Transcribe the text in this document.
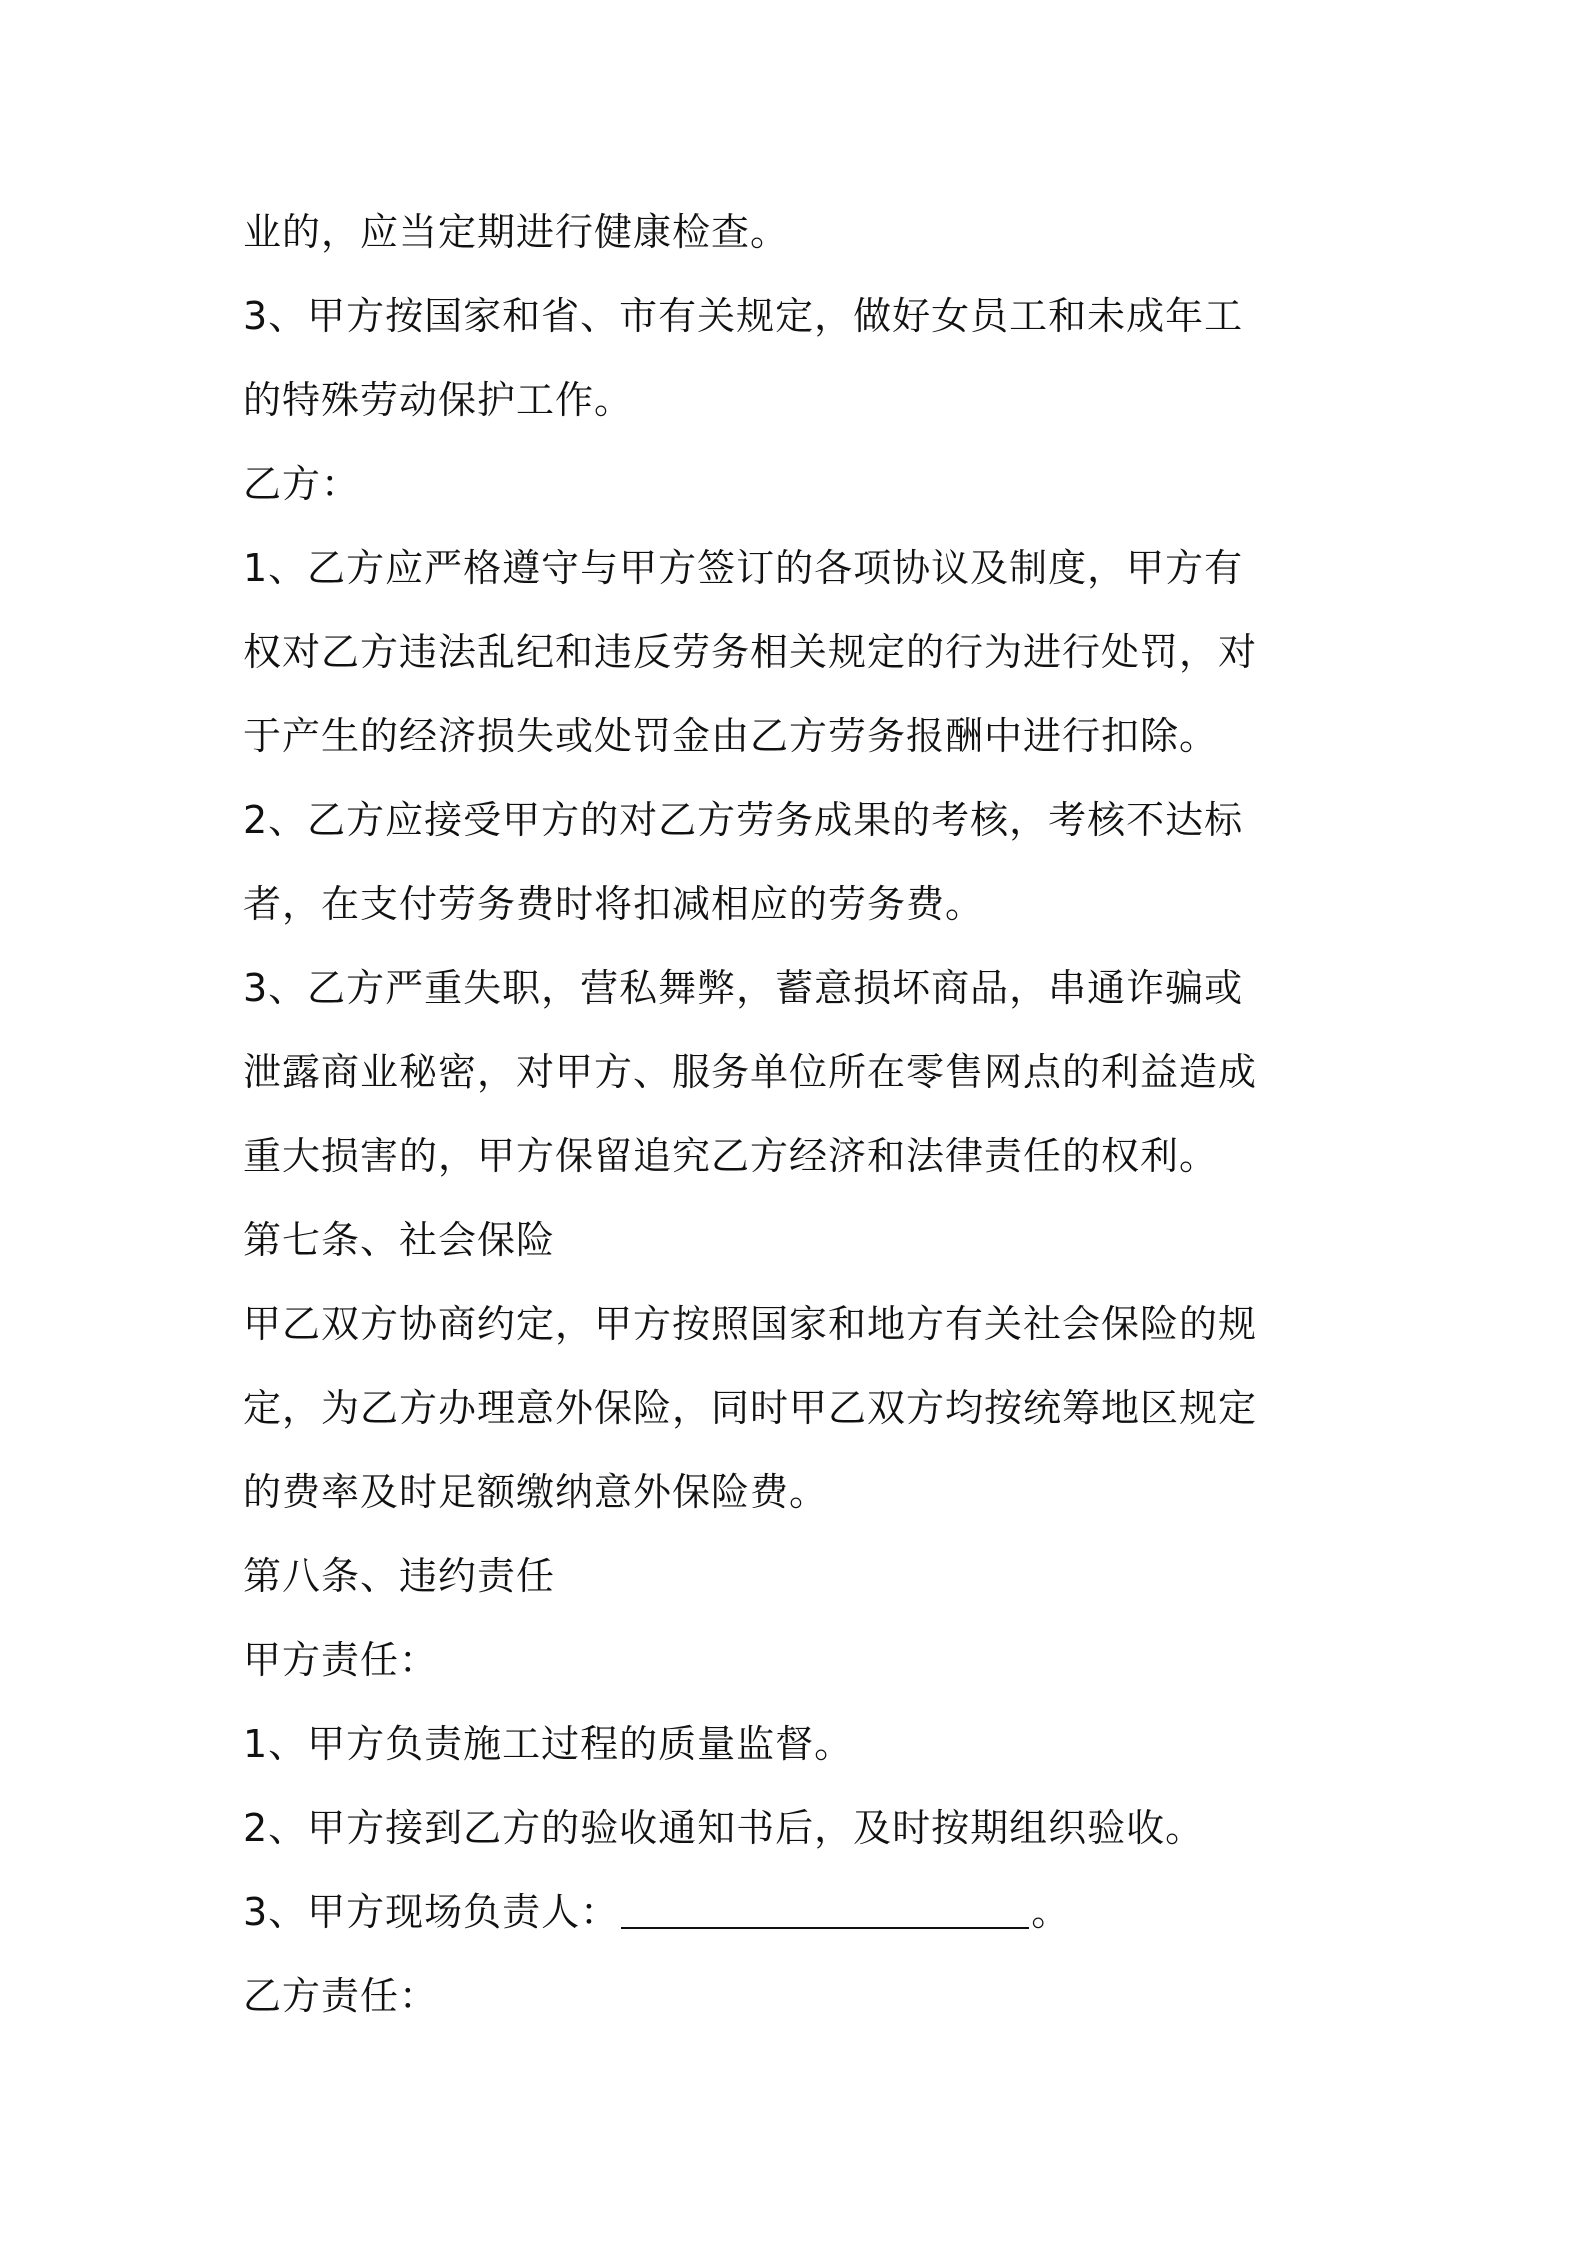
业的，应当定期进行健康检查。
3、甲方按国家和省、市有关规定，做好女员工和未成年工
的特殊劳动保护工作。
乙方：
1、乙方应严格遵守与甲方签订的各项协议及制度，甲方有
权对乙方违法乱纪和违反劳务相关规定的行为进行处罚，对
于产生的经济损失或处罚金由乙方劳务报酬中进行扣除。
2、乙方应接受甲方的对乙方劳务成果的考核，考核不达标
者，在支付劳务费时将扣减相应的劳务费。
3、乙方严重失职，营私舞弊，蓄意损坏商品，串通诈骗或
泄露商业秘密，对甲方、服务单位所在零售网点的利益造成
重大损害的，甲方保留追究乙方经济和法律责任的权利。
第七条、社会保险
甲乙双方协商约定，甲方按照国家和地方有关社会保险的规
定，为乙方办理意外保险，同时甲乙双方均按统筹地区规定
的费率及时足额缴纳意外保险费。
第八条、违约责任
甲方责任：
1、甲方负责施工过程的质量监督。
2、甲方接到乙方的验收通知书后，及时按期组织验收。
3、甲方现场负责人：	。
乙方责任：
